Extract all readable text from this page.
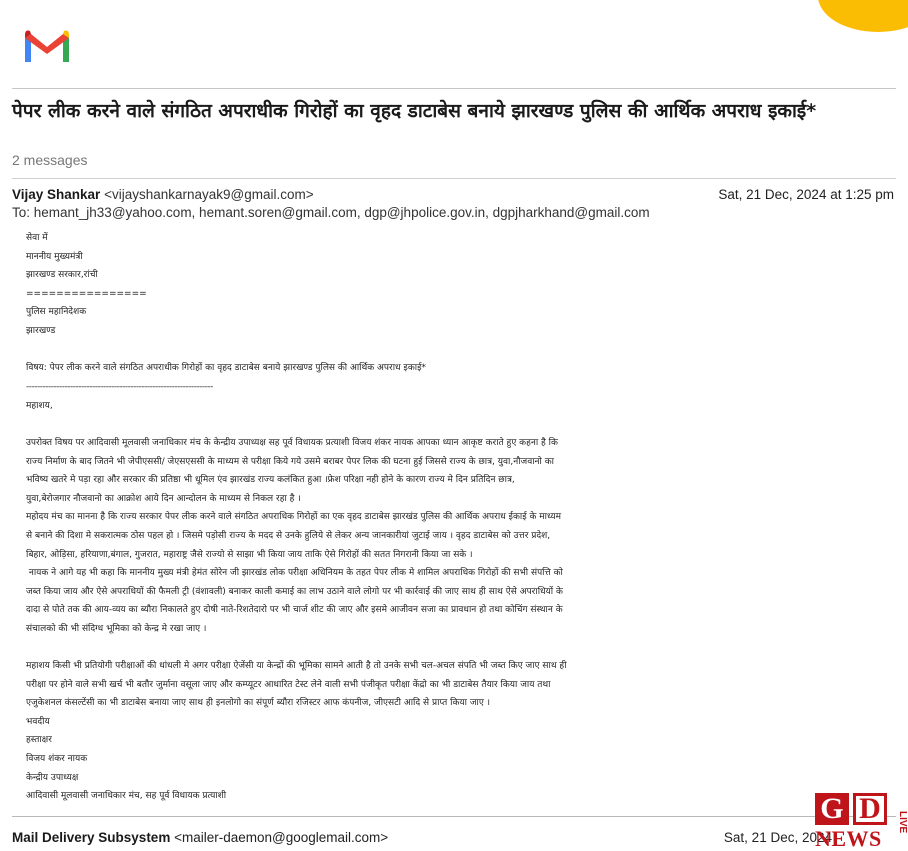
पेपर लीक करने वाले संगठित अपराधीक गिरोहों का वृहद डाटाबेस बनाये झारखण्ड पुलिस की आर्थिक अपराध इकाई*
2 messages
Vijay Shankar <vijayshankarnayak9@gmail.com>	Sat, 21 Dec, 2024 at 1:25 pm
To: hemant_jh33@yahoo.com, hemant.soren@gmail.com, dgp@jhpolice.gov.in, dgpjharkhand@gmail.com
सेवा में
माननीय मुख्यमंत्री
झारखण्ड सरकार,रांची
================
पुलिस महानिदेशक
झारखण्ड
विषय: पेपर लीक करने वाले संगठित अपराधीक गिरोहों का वृहद डाटाबेस बनाये झारखण्ड पुलिस की आर्थिक अपराध इकाई*
--------------------------------------------------------------------
महाशय,
उपरोक्त विषय पर आदिवासी मूलवासी जनाधिकार मंच के केन्द्रीय उपाध्यक्ष सह पूर्व विधायक प्रत्याशी विजय शंकर नायक आपका ध्यान आकृष्ट कराते हुए कहना है कि
राज्य निर्माण के बाद जितने भी जेपीएससी/ जेएसएससी के माध्यम से परीक्षा किये गये उसमे बराबर पेपर लिक की घटना हुई जिससे राज्य के छात्र, युवा,नौजवानो का
भविष्य खतरे मे पड़ा रहा और सरकार की प्रतिष्ठा भी धूमिल एंव झारखंड राज्य कलंकित हुआ ।फ्रेश परिक्षा नही होने के कारण राज्य मे दिन प्रतिदिन छात्र,
युवा,बेरोजगार नौजवानो का आक्रोश आये दिन आन्दोलन के माध्यम से निकल रहा है ।
महोदय मंच का मानना है कि राज्य सरकार पेपर लीक करने वाले संगठित अपराधिक गिरोहों का एक वृहद डाटाबेस झारखंड पुलिस की आर्थिक अपराध ईकाई के माध्यम
से बनाने की दिशा मे सकरात्मक ठोस पहल हो । जिसमे पड़ोसी राज्य के मदद से उनके हुलिये से लेकर अन्य जानकारीयां जुटाई जाय । वृहद डाटाबेस को उत्तर प्रदेश,
बिहार, ओड़िसा, हरियाणा,बंगाल, गुजरात, महाराष्ट्र जैसे राज्यो से साझा भी किया जाय ताकि ऐसे गिरोहों की सतत निगरानी किया जा सके ।
नायक ने आगे यह भी कहा कि माननीय मुख्य मंत्री हेमंत सोरेन जी झारखंड लोक परीक्षा अधिनियम के तहत पेपर लीक मे शामिल अपराधिक गिरोहों की सभी संपत्ति को
जब्त किया जाय और ऐसे अपराधियों की फैमली ट्री (वंशावली) बनाकर काली कमाई का लाभ उठाने वाले लोगो पर भी कार्रवाई की जाए साथ ही साथ ऐसे अपराधियों के
दादा से पोते तक की आय-व्यय का ब्यौरा निकालते हुए दोषी नाते-रिशतेदारो पर भी चार्ज शीट की जाए और इसमे आजीवन सजा का प्रावधान हो तथा कोचिंग संस्थान के
संचालको की भी संदिग्ध भूमिका को केन्द्र मे रखा जाए ।
महाशय किसी भी प्रतियोगी परीक्षाओं की धांधली मे अगर परीक्षा ऐजेंसी या केन्द्रों की भूमिका सामने आती है तो उनके सभी चल-अचल संपति भी जब्त किए जाए साथ ही
परीक्षा पर होने वाले सभी खर्च भी बतौर जुर्माना वसूला जाए और कम्प्यूटर आधारित टेस्ट लेने वाली सभी पंजीकृत परीक्षा केंद्रो का भी डाटाबेस तैयार किया जाय तथा
एजुकेशनल कंसल्टेंसी का भी डाटाबेस बनाया जाए साथ ही इनलोगो का संपूर्ण ब्यौरा रजिस्टर आफ कंपनीज, जीएसटी आदि से प्राप्त किया जाए ।
भवदीय
हस्ताक्षर
विजय शंकर नायक
केन्द्रीय उपाध्यक्ष
आदिवासी मूलवासी जनाधिकार मंच, सह पूर्व विधायक प्रत्याशी
Mail Delivery Subsystem <mailer-daemon@googlemail.com>	Sat, 21 Dec, 2024
G D
NEWS
LIVE
